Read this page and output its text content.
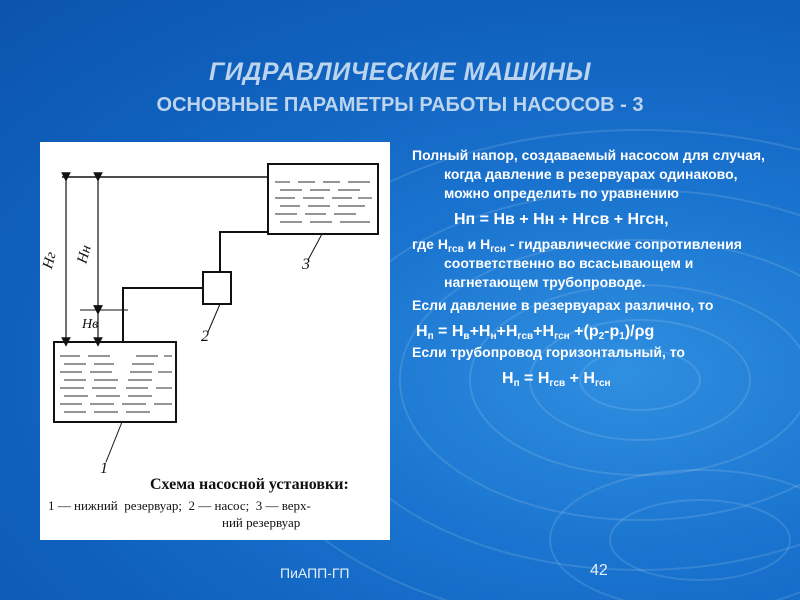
ГИДРАВЛИЧЕСКИЕ МАШИНЫ
ОСНОВНЫЕ ПАРАМЕТРЫ РАБОТЫ НАСОСОВ - 3
Hг Hн
Hв
1
2
3
Схема насосной установки:
1 — нижний  резервуар;  2 — насос;  3 — верх-
ний резервуар

Полный напор, создаваемый насосом для случая, когда давление в резервуарах одинаково, можно определить по уравнению

Нп = Нв + Нн + Нгсв + Нгсн,

где $Н_{гсв}$ и $Н_{гсн}$ - гидравлические сопротивления соответственно во всасывающем и нагнетающем трубопроводе.

Если давление в резервуарах различно, то

$Н_п = Н_в+Н_н+Н_{гсв}+Н_{гсн} +(р_2-р_1)/\rho g$

Если трубопровод горизонтальный, то

$Н_п = Н_{гсв} + Н_{гсн}$

ПиАПП-ГП	42
